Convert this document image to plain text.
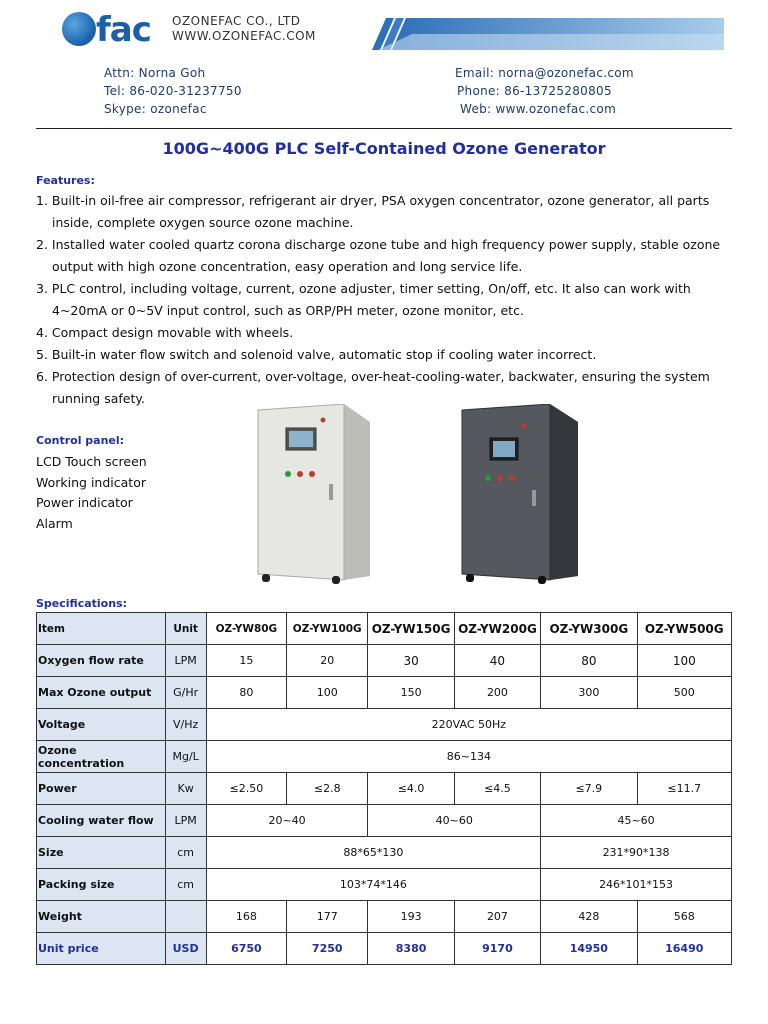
3 fac OZONEFAC CO., LTD
WWW.OZONEFAC.COM
Attn: Norna Goh
Tel: 86-020-31237750
Skype: ozonefac
Email: norna@ozonefac.com
Phone: 86-13725280805
Web: www.ozonefac.com
100G~400G PLC Self-Contained Ozone Generator
Features:

1. Built-in oil-free air compressor, refrigerant air dryer, PSA oxygen concentrator, ozone generator, all parts inside, complete oxygen source ozone machine.

2. Installed water cooled quartz corona discharge ozone tube and high frequency power supply, stable ozone output with high ozone concentration, easy operation and long service life.

3. PLC control, including voltage, current, ozone adjuster, timer setting, On/off, etc. It also can work with 4~20mA or 0~5V input control, such as ORP/PH meter, ozone monitor, etc.

4. Compact design movable with wheels.

5. Built-in water flow switch and solenoid valve, automatic stop if cooling water incorrect.

6. Protection design of over-current, over-voltage, over-heat-cooling-water, backwater, ensuring the system running safety.

Control panel:
LCD Touch screen
Working indicator
Power indicator
Alarm
Specifications:
Item	Unit	OZ-YW80G	OZ-YW100G	OZ-YW150G	OZ-YW200G	OZ-YW300G	OZ-YW500G
Oxygen flow rate	LPM	15	20	30	40	80	100
Max Ozone output	G/Hr	80	100	150	200	300	500
Voltage	V/Hz	220VAC 50Hz					
Ozone concentration	Mg/L	86~134					
Power	Kw	≤2.50	≤2.8	≤4.0	≤4.5	≤7.9	≤11.7
Cooling water flow	LPM	20~40		40~60		45~60	
Size	cm	88*65*130				231*90*138	
Packing size	cm	103*74*146				246*101*153	
Weight		168	177	193	207	428	568
Unit price	USD	6750	7250	8380	9170	14950	16490
